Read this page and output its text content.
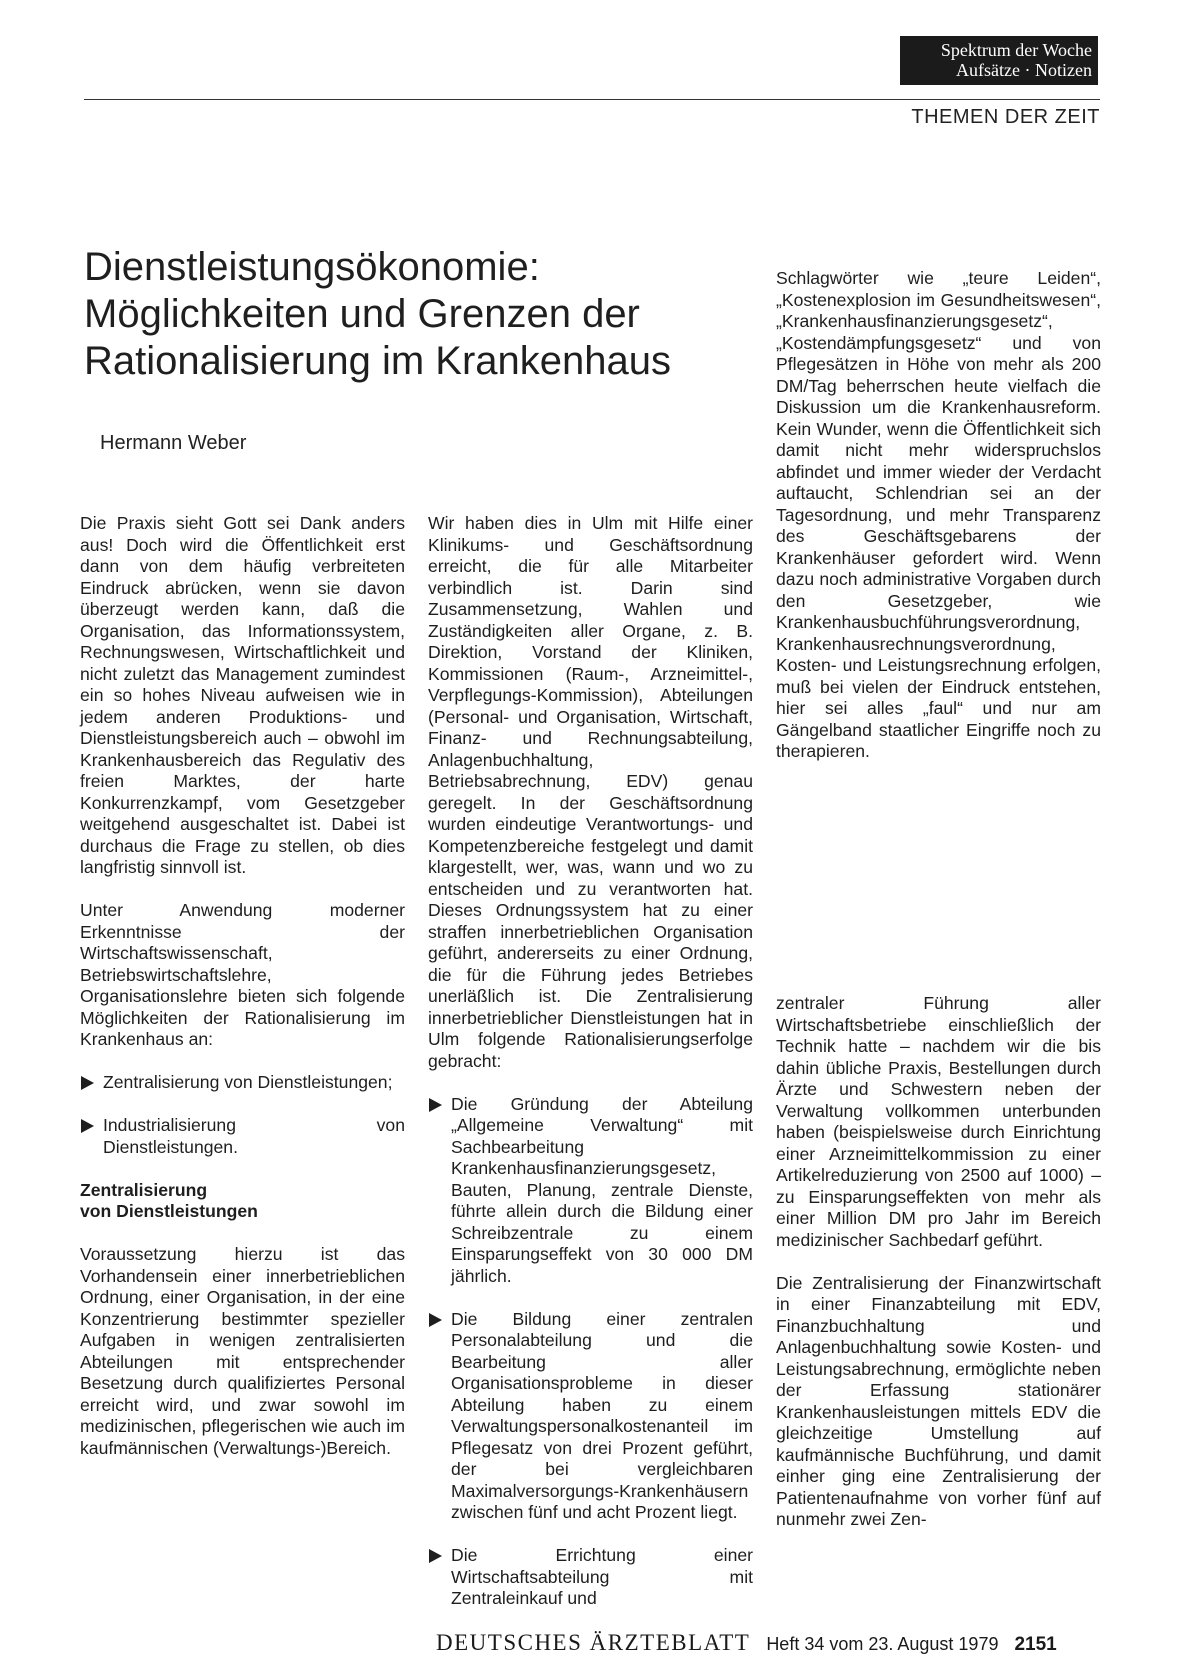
Spektrum der Woche
Aufsätze · Notizen
THEMEN DER ZEIT
Dienstleistungsökonomie:
Möglichkeiten und Grenzen der
Rationalisierung im Krankenhaus
Hermann Weber

Die Praxis sieht Gott sei Dank anders aus! Doch wird die Öffentlichkeit erst dann von dem häufig verbreiteten Eindruck abrücken, wenn sie davon überzeugt werden kann, daß die Organisation, das Informationssystem, Rechnungswesen, Wirtschaftlichkeit und nicht zuletzt das Management zumindest ein so hohes Niveau aufweisen wie in jedem anderen Produktions- und Dienstleistungsbereich auch – obwohl im Krankenhausbereich das Regulativ des freien Marktes, der harte Konkurrenzkampf, vom Gesetzgeber weitgehend ausgeschaltet ist. Dabei ist durchaus die Frage zu stellen, ob dies langfristig sinnvoll ist.

Unter Anwendung moderner Erkenntnisse der Wirtschaftswissenschaft, Betriebswirtschaftslehre, Organisationslehre bieten sich folgende Möglichkeiten der Rationalisierung im Krankenhaus an:

Zentralisierung von Dienstleistungen;

Industrialisierung von Dienstleistungen.

Zentralisierung
von Dienstleistungen

Voraussetzung hierzu ist das Vorhandensein einer innerbetrieblichen Ordnung, einer Organisation, in der eine Konzentrierung bestimmter spezieller Aufgaben in wenigen zentralisierten Abteilungen mit entsprechender Besetzung durch qualifiziertes Personal erreicht wird, und zwar sowohl im medizinischen, pflegerischen wie auch im kaufmännischen (Verwaltungs-)Bereich.

Wir haben dies in Ulm mit Hilfe einer Klinikums- und Geschäftsordnung erreicht, die für alle Mitarbeiter verbindlich ist. Darin sind Zusammensetzung, Wahlen und Zuständigkeiten aller Organe, z. B. Direktion, Vorstand der Kliniken, Kommissionen (Raum-, Arzneimittel-, Verpflegungs-Kommission), Abteilungen (Personal- und Organisation, Wirtschaft, Finanz- und Rechnungsabteilung, Anlagenbuchhaltung, Betriebsabrechnung, EDV) genau geregelt. In der Geschäftsordnung wurden eindeutige Verantwortungs- und Kompetenzbereiche festgelegt und damit klargestellt, wer, was, wann und wo zu entscheiden und zu verantworten hat. Dieses Ordnungssystem hat zu einer straffen innerbetrieblichen Organisation geführt, andererseits zu einer Ordnung, die für die Führung jedes Betriebes unerläßlich ist. Die Zentralisierung innerbetrieblicher Dienstleistungen hat in Ulm folgende Rationalisierungserfolge gebracht:

Die Gründung der Abteilung „Allgemeine Verwaltung“ mit Sachbearbeitung Krankenhausfinanzierungsgesetz, Bauten, Planung, zentrale Dienste, führte allein durch die Bildung einer Schreibzentrale zu einem Einsparungseffekt von 30 000 DM jährlich.

Die Bildung einer zentralen Personalabteilung und die Bearbeitung aller Organisationsprobleme in dieser Abteilung haben zu einem Verwaltungspersonalkostenanteil im Pflegesatz von drei Prozent geführt, der bei vergleichbaren Maximalversorgungs-Krankenhäusern zwischen fünf und acht Prozent liegt.

Die Errichtung einer Wirtschaftsabteilung mit Zentraleinkauf und

Schlagwörter wie „teure Leiden“, „Kostenexplosion im Gesundheitswesen“, „Krankenhausfinanzierungsgesetz“, „Kostendämpfungsgesetz“ und von Pflegesätzen in Höhe von mehr als 200 DM/Tag beherrschen heute vielfach die Diskussion um die Krankenhausreform. Kein Wunder, wenn die Öffentlichkeit sich damit nicht mehr widerspruchslos abfindet und immer wieder der Verdacht auftaucht, Schlendrian sei an der Tagesordnung, und mehr Transparenz des Geschäftsgebarens der Krankenhäuser gefordert wird. Wenn dazu noch administrative Vorgaben durch den Gesetzgeber, wie Krankenhausbuchführungsverordnung, Krankenhausrechnungsverordnung, Kosten- und Leistungsrechnung erfolgen, muß bei vielen der Eindruck entstehen, hier sei alles „faul“ und nur am Gängelband staatlicher Eingriffe noch zu therapieren.

zentraler Führung aller Wirtschaftsbetriebe einschließlich der Technik hatte – nachdem wir die bis dahin übliche Praxis, Bestellungen durch Ärzte und Schwestern neben der Verwaltung vollkommen unterbunden haben (beispielsweise durch Einrichtung einer Arzneimittelkommission zu einer Artikelreduzierung von 2500 auf 1000) – zu Einsparungseffekten von mehr als einer Million DM pro Jahr im Bereich medizinischer Sachbedarf geführt.

Die Zentralisierung der Finanzwirtschaft in einer Finanzabteilung mit EDV, Finanzbuchhaltung und Anlagenbuchhaltung sowie Kosten- und Leistungsabrechnung, ermöglichte neben der Erfassung stationärer Krankenhausleistungen mittels EDV die gleichzeitige Umstellung auf kaufmännische Buchführung, und damit einher ging eine Zentralisierung der Patientenaufnahme von vorher fünf auf nunmehr zwei Zen-

DEUTSCHES ÄRZTEBLATT Heft 34 vom 23. August 1979 2151
